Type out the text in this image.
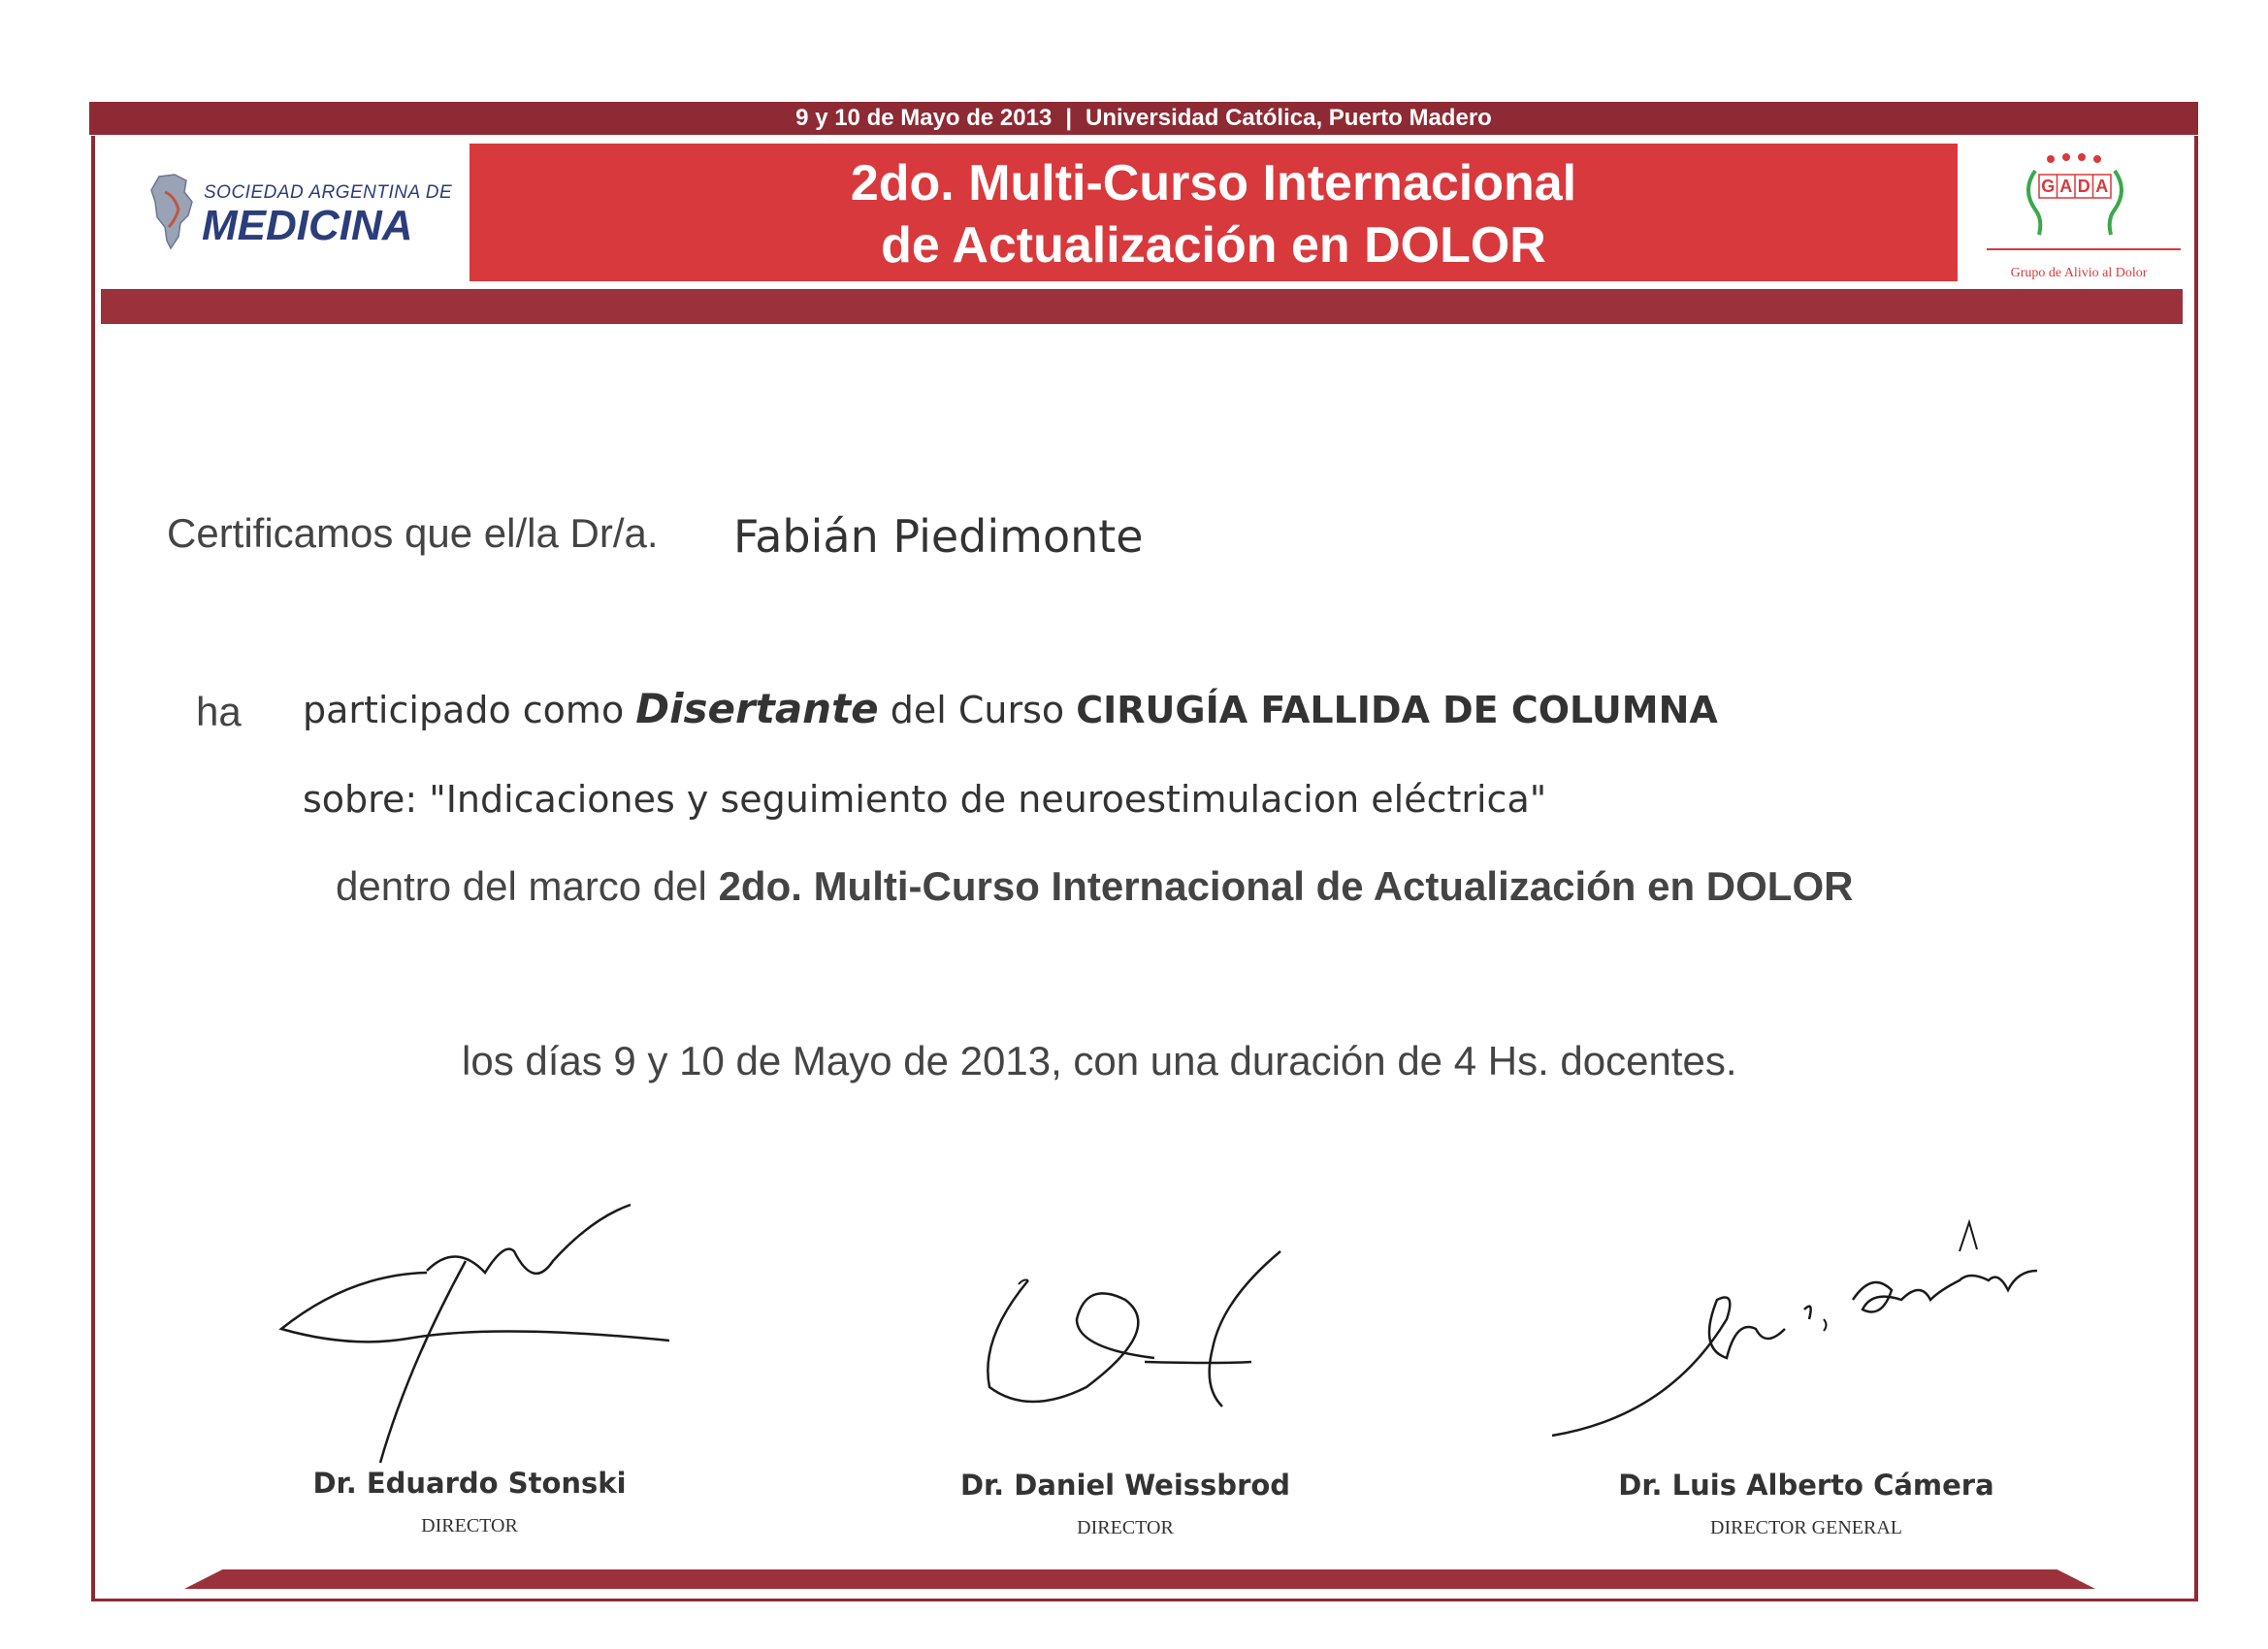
9 y 10 de Mayo de 2013 | Universidad Católica, Puerto Madero
SOCIEDAD ARGENTINA DE
MEDICINA
2do. Multi-Curso Internacional
de Actualización en DOLOR
G A D A
Grupo de Alivio al Dolor
Certificamos que el/la Dr/a. Fabián Piedimonte
ha participado como Disertante del Curso CIRUGÍA FALLIDA DE COLUMNA
sobre: "Indicaciones y seguimiento de neuroestimulacion eléctrica"
dentro del marco del 2do. Multi-Curso Internacional de Actualización en DOLOR
los días 9 y 10 de Mayo de 2013, con una duración de 4 Hs. docentes.
Dr. Eduardo Stonski
DIRECTOR
Dr. Daniel Weissbrod
DIRECTOR
Dr. Luis Alberto Cámera
DIRECTOR GENERAL
